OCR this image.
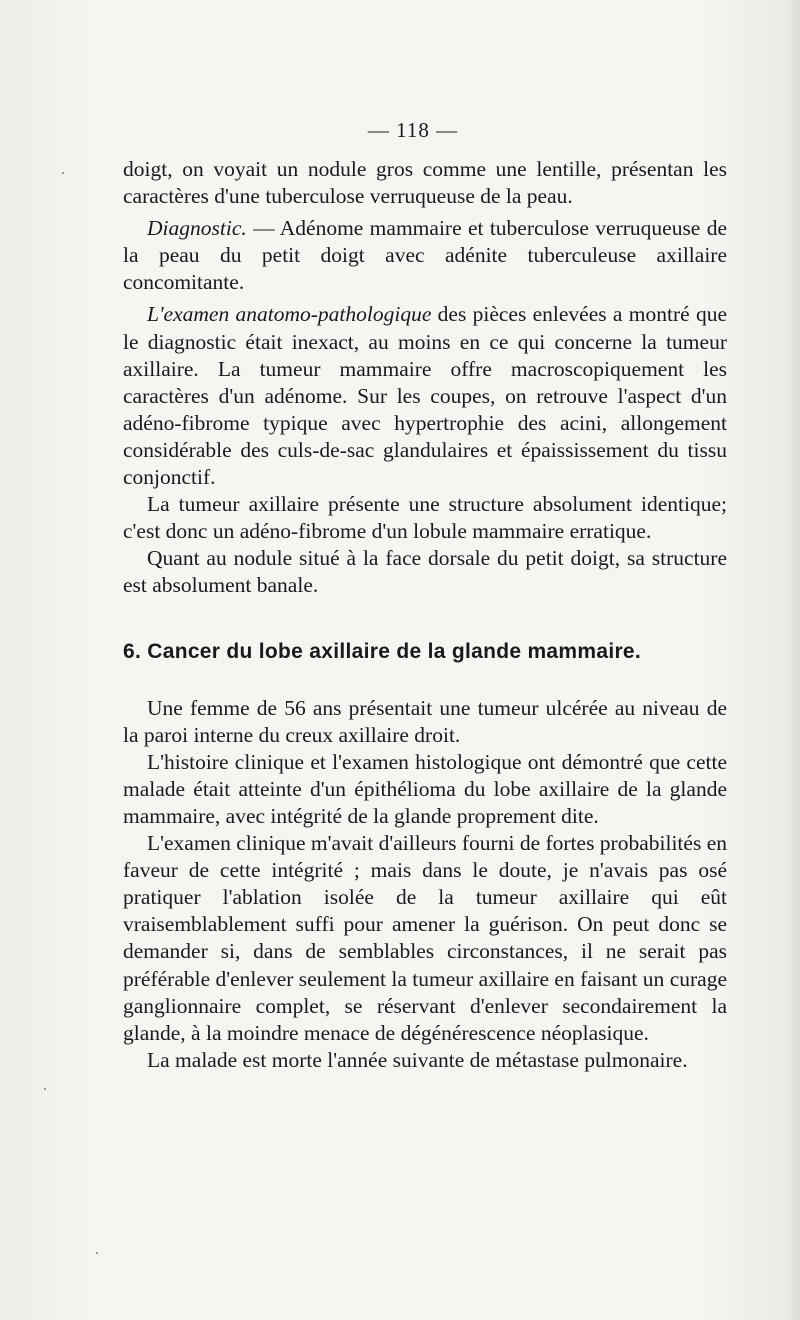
— 118 —

doigt, on voyait un nodule gros comme une lentille, présentan les caractères d'une tuberculose verruqueuse de la peau.

Diagnostic. — Adénome mammaire et tuberculose verruqueuse de la peau du petit doigt avec adénite tuberculeuse axillaire concomitante.

L'examen anatomo-pathologique des pièces enlevées a montré que le diagnostic était inexact, au moins en ce qui concerne la tumeur axillaire. La tumeur mammaire offre macroscopiquement les caractères d'un adénome. Sur les coupes, on retrouve l'aspect d'un adéno-fibrome typique avec hypertrophie des acini, allongement considérable des culs-de-sac glandulaires et épaississement du tissu conjonctif.

La tumeur axillaire présente une structure absolument identique; c'est donc un adéno-fibrome d'un lobule mammaire erratique.

Quant au nodule situé à la face dorsale du petit doigt, sa structure est absolument banale.

6. Cancer du lobe axillaire de la glande mammaire.

Une femme de 56 ans présentait une tumeur ulcérée au niveau de la paroi interne du creux axillaire droit.

L'histoire clinique et l'examen histologique ont démontré que cette malade était atteinte d'un épithélioma du lobe axillaire de la glande mammaire, avec intégrité de la glande proprement dite.

L'examen clinique m'avait d'ailleurs fourni de fortes probabilités en faveur de cette intégrité ; mais dans le doute, je n'avais pas osé pratiquer l'ablation isolée de la tumeur axillaire qui eût vraisemblablement suffi pour amener la guérison. On peut donc se demander si, dans de semblables circonstances, il ne serait pas préférable d'enlever seulement la tumeur axillaire en faisant un curage ganglionnaire complet, se réservant d'enlever secondairement la glande, à la moindre menace de dégénérescence néoplasique.

La malade est morte l'année suivante de métastase pulmonaire.
